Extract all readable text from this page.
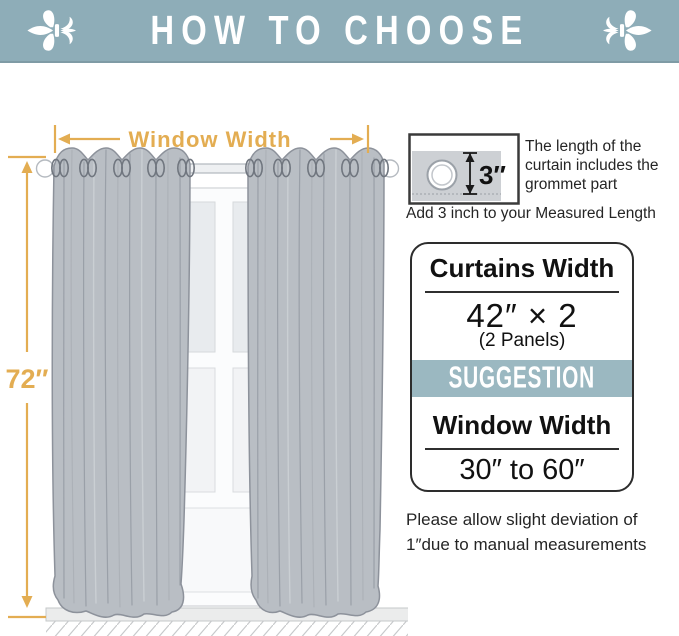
HOW TO CHOOSE
Window Width
72″
3″
The length of the curtain includes the grommet part
Add 3 inch to your Measured Length
Curtains Width
42″ × 2
(2 Panels)
SUGGESTION
Window Width
30″ to 60″
Please allow slight deviation of
1″due to manual measurements
